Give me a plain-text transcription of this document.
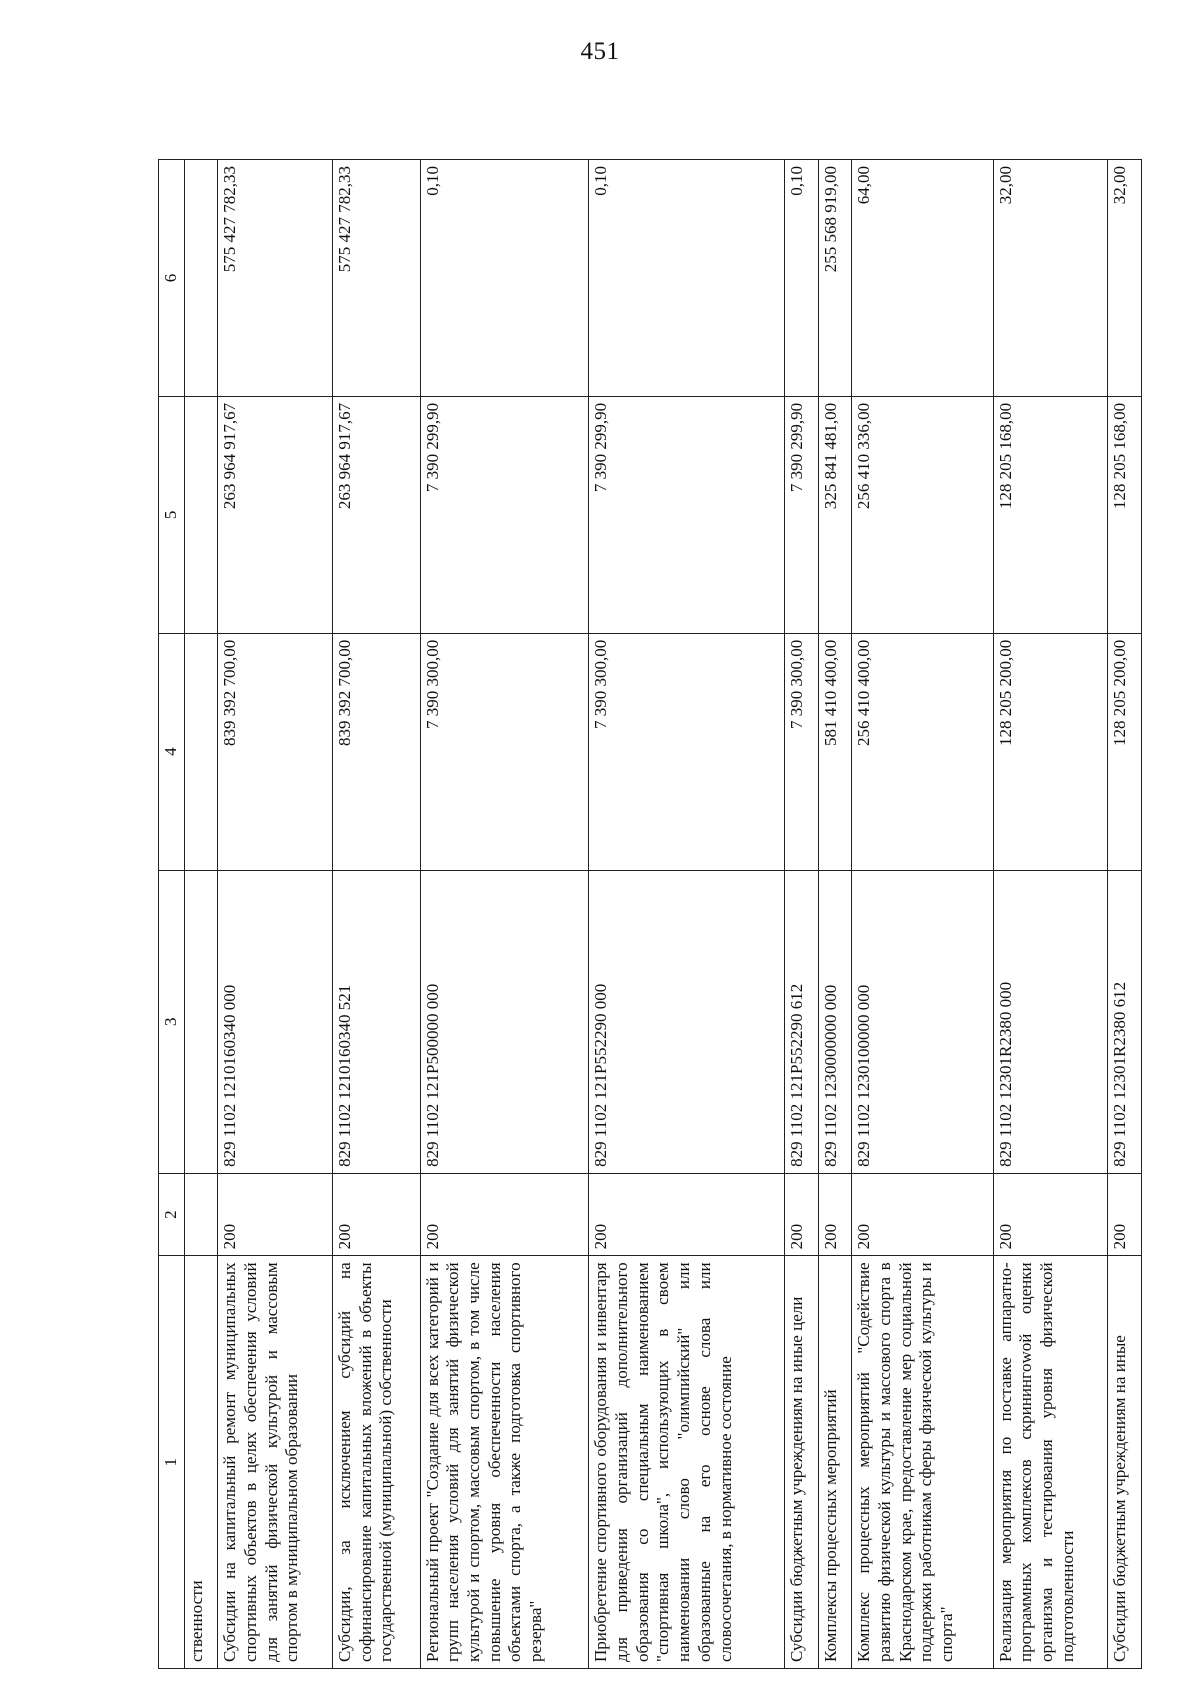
451
1	2	3	4	5	6
ственности					
Субсидии на капитальный ремонт муниципальных спортивных объектов в целях обеспечения условий для занятий физической культурой и массовым спортом в муниципальном образовании	200	829 1102 1210160340 000	839 392 700,00	263 964 917,67	575 427 782,33
Субсидии, за исключением субсидий на софинансирование капитальных вложений в объекты государственной (муниципальной) собственности	200	829 1102 1210160340 521	839 392 700,00	263 964 917,67	575 427 782,33
Региональный проект "Создание для всех категорий и групп населения условий для занятий физической культурой и спортом, массовым спортом, в том числе повышение уровня обеспеченности населения объектами спорта, а также подготовка спортивного резерва"	200	829 1102 121P500000 000	7 390 300,00	7 390 299,90	0,10
Приобретение спортивного оборудования и инвентаря для приведения организаций дополнительного образования со специальным наименованием "спортивная школа", использующих в своем наименовании слово "олимпийский" или образованные на его основе слова или словосочетания, в нормативное состояние	200	829 1102 121P552290 000	7 390 300,00	7 390 299,90	0,10
Субсидии бюджетным учреждениям на иные цели	200	829 1102 121P552290 612	7 390 300,00	7 390 299,90	0,10
Комплексы процессных мероприятий	200	829 1102 1230000000 000	581 410 400,00	325 841 481,00	255 568 919,00
Комплекс процессных мероприятий "Содействие развитию физической культуры и массового спорта в Краснодарском крае, предоставление мер социальной поддержки работникам сферы физической культуры и спорта"	200	829 1102 1230100000 000	256 410 400,00	256 410 336,00	64,00
Реализация мероприятия по поставке аппаратно-программных комплексов скринингowой оценки организма и тестирования уровня физической подготовленности	200	829 1102 12301R2380 000	128 205 200,00	128 205 168,00	32,00
Субсидии бюджетным учреждениям на иные	200	829 1102 12301R2380 612	128 205 200,00	128 205 168,00	32,00
